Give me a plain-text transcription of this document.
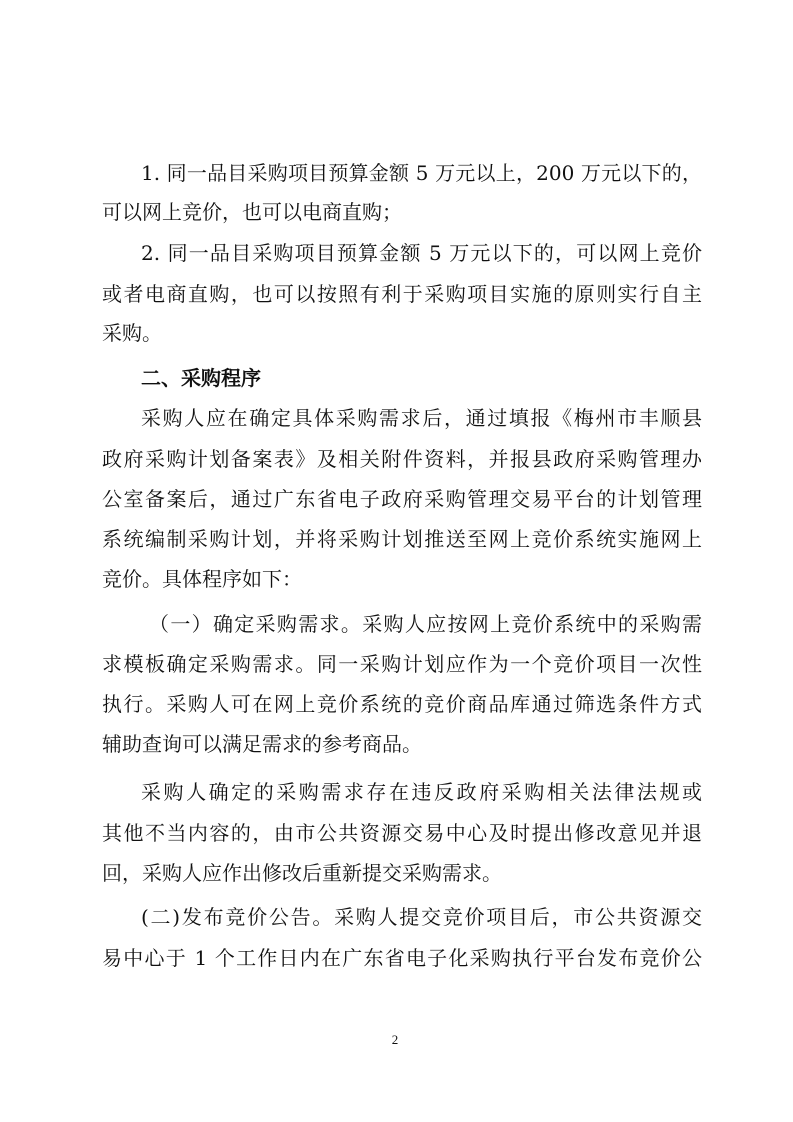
1. 同一品目采购项目预算金额 5 万元以上，200 万元以下的，
可以网上竞价，也可以电商直购；
2. 同一品目采购项目预算金额 5 万元以下的，可以网上竞价
或者电商直购，也可以按照有利于采购项目实施的原则实行自主
采购。
二、采购程序
采购人应在确定具体采购需求后，通过填报《梅州市丰顺县
政府采购计划备案表》及相关附件资料，并报县政府采购管理办
公室备案后，通过广东省电子政府采购管理交易平台的计划管理
系统编制采购计划，并将采购计划推送至网上竞价系统实施网上
竞价。具体程序如下：
（一）确定采购需求。采购人应按网上竞价系统中的采购需
求模板确定采购需求。同一采购计划应作为一个竞价项目一次性
执行。采购人可在网上竞价系统的竞价商品库通过筛选条件方式
辅助查询可以满足需求的参考商品。
采购人确定的采购需求存在违反政府采购相关法律法规或
其他不当内容的，由市公共资源交易中心及时提出修改意见并退
回，采购人应作出修改后重新提交采购需求。
(二)发布竞价公告。采购人提交竞价项目后，市公共资源交
易中心于 1 个工作日内在广东省电子化采购执行平台发布竞价公
2
